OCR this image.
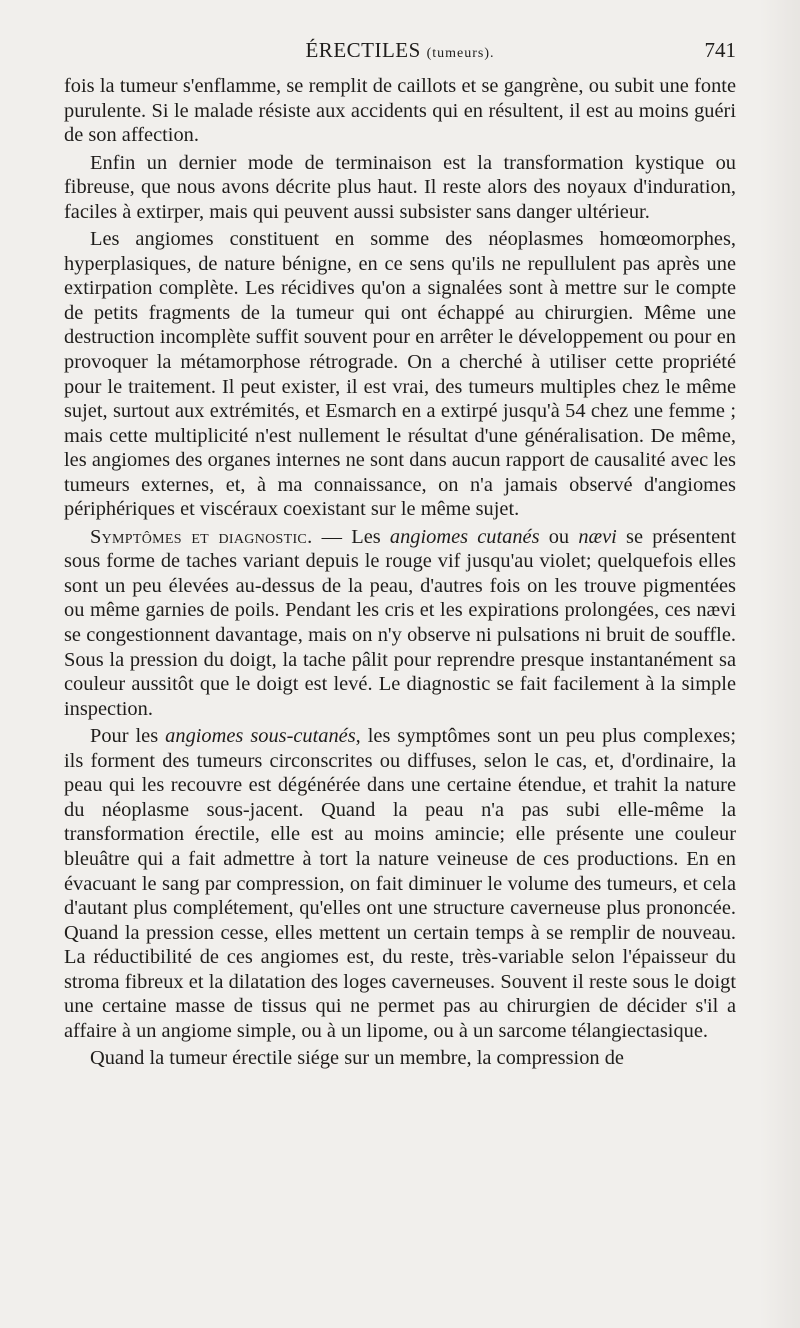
ÉRECTILES (tumeurs).	741

fois la tumeur s'enflamme, se remplit de caillots et se gangrène, ou subit une fonte purulente. Si le malade résiste aux accidents qui en résultent, il est au moins guéri de son affection.

Enfin un dernier mode de terminaison est la transformation kystique ou fibreuse, que nous avons décrite plus haut. Il reste alors des noyaux d'induration, faciles à extirper, mais qui peuvent aussi subsister sans danger ultérieur.

Les angiomes constituent en somme des néoplasmes homœomorphes, hyperplasiques, de nature bénigne, en ce sens qu'ils ne repullulent pas après une extirpation complète. Les récidives qu'on a signalées sont à mettre sur le compte de petits fragments de la tumeur qui ont échappé au chirurgien. Même une destruction incomplète suffit souvent pour en arrêter le développement ou pour en provoquer la métamorphose rétrograde. On a cherché à utiliser cette propriété pour le traitement. Il peut exister, il est vrai, des tumeurs multiples chez le même sujet, surtout aux extrémités, et Esmarch en a extirpé jusqu'à 54 chez une femme ; mais cette multiplicité n'est nullement le résultat d'une généralisation. De même, les angiomes des organes internes ne sont dans aucun rapport de causalité avec les tumeurs externes, et, à ma connaissance, on n'a jamais observé d'angiomes périphériques et viscéraux coexistant sur le même sujet.

Symptômes et diagnostic. — Les angiomes cutanés ou nævi se présentent sous forme de taches variant depuis le rouge vif jusqu'au violet; quelquefois elles sont un peu élevées au-dessus de la peau, d'autres fois on les trouve pigmentées ou même garnies de poils. Pendant les cris et les expirations prolongées, ces nævi se congestionnent davantage, mais on n'y observe ni pulsations ni bruit de souffle. Sous la pression du doigt, la tache pâlit pour reprendre presque instantanément sa couleur aussitôt que le doigt est levé. Le diagnostic se fait facilement à la simple inspection.

Pour les angiomes sous-cutanés, les symptômes sont un peu plus complexes; ils forment des tumeurs circonscrites ou diffuses, selon le cas, et, d'ordinaire, la peau qui les recouvre est dégénérée dans une certaine étendue, et trahit la nature du néoplasme sous-jacent. Quand la peau n'a pas subi elle-même la transformation érectile, elle est au moins amincie; elle présente une couleur bleuâtre qui a fait admettre à tort la nature veineuse de ces productions. En en évacuant le sang par compression, on fait diminuer le volume des tumeurs, et cela d'autant plus complétement, qu'elles ont une structure caverneuse plus prononcée. Quand la pression cesse, elles mettent un certain temps à se remplir de nouveau. La réductibilité de ces angiomes est, du reste, très-variable selon l'épaisseur du stroma fibreux et la dilatation des loges caverneuses. Souvent il reste sous le doigt une certaine masse de tissus qui ne permet pas au chirurgien de décider s'il a affaire à un angiome simple, ou à un lipome, ou à un sarcome télangiectasique.

Quand la tumeur érectile siége sur un membre, la compression de
